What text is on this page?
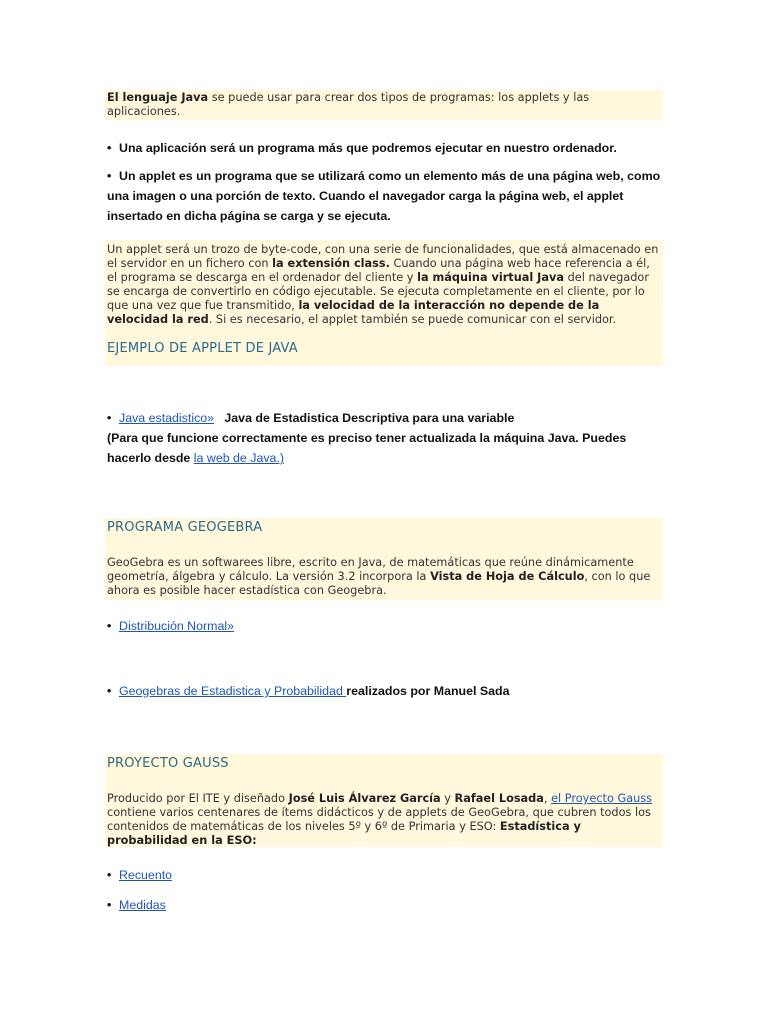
El lenguaje Java se puede usar para crear dos tipos de programas: los applets y las aplicaciones.
• Una aplicación será un programa más que podremos ejecutar en nuestro ordenador.
• Un applet es un programa que se utilizará como un elemento más de una página web, como una imagen o una porción de texto. Cuando el navegador carga la página web, el applet insertado en dicha página se carga y se ejecuta.
Un applet será un trozo de byte-code, con una serie de funcionalidades, que está almacenado en el servidor en un fichero con la extensión class. Cuando una página web hace referencia a él, el programa se descarga en el ordenador del cliente y la máquina virtual Java del navegador se encarga de convertirlo en código ejecutable. Se ejecuta completamente en el cliente, por lo que una vez que fue transmitido, la velocidad de la interacción no depende de la velocidad la red. Si es necesario, el applet también se puede comunicar con el servidor.
EJEMPLO DE APPLET DE JAVA
• Java estadistico» Java de Estadistica Descriptiva para una variable
(Para que funcione correctamente es preciso tener actualizada la máquina Java. Puedes hacerlo desde la web de Java.)
PROGRAMA GEOGEBRA
GeoGebra es un softwarees libre, escrito en Java, de matemáticas que reúne dinámicamente geometría, álgebra y cálculo. La versión 3.2 incorpora la Vista de Hoja de Cálculo, con lo que ahora es posible hacer estadística con Geogebra.
• Distribución Normal»
• Geogebras de Estadistica y Probabilidad realizados por Manuel Sada
PROYECTO GAUSS
Producido por El ITE y diseñado José Luis Álvarez García y Rafael Losada, el Proyecto Gauss contiene varios centenares de ítems didácticos y de applets de GeoGebra, que cubren todos los contenidos de matemáticas de los niveles 5º y 6º de Primaria y ESO: Estadística y probabilidad en la ESO:
• Recuento
• Medidas
